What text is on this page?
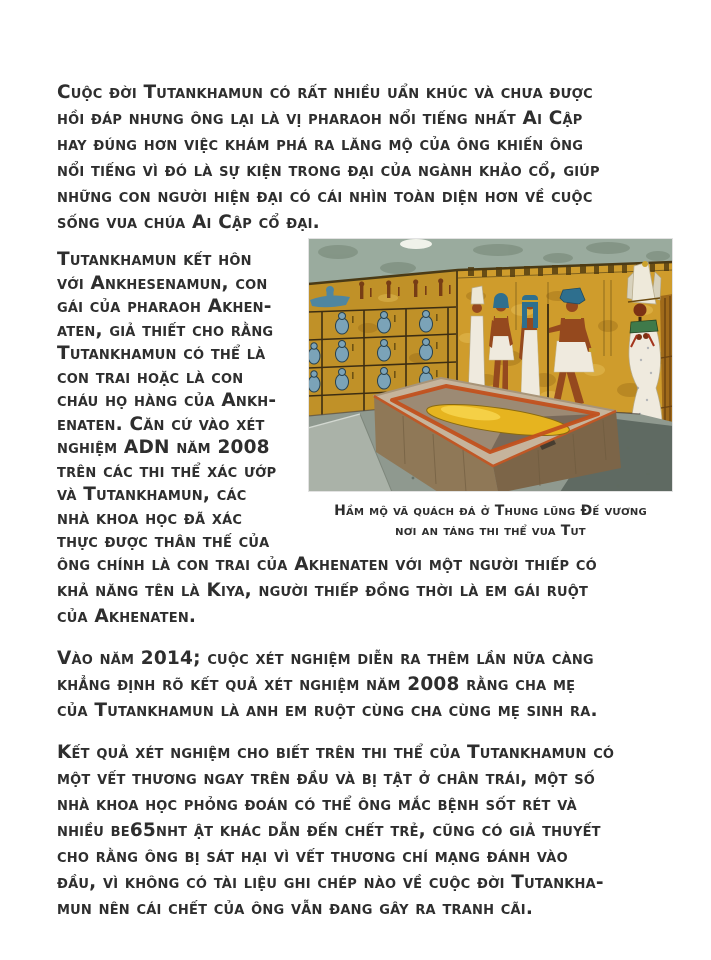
Cuộc đời Tutankhamun có rất nhiều uẩn khúc và chưa được
hồi đáp nhưng ông lại là vị pharaoh nổi tiếng nhất Ai Cập
hay đúng hơn việc khám phá ra lăng mộ của ông khiến ông
nổi tiếng vì đó là sự kiện trong đại của ngành khảo cổ, giúp
những con người hiện đại có cái nhìn toàn diện hơn về cuộc
sống vua chúa Ai Cập cổ đại.
Tutankhamun kết hôn
với Ankhesenamun, con
gái của pharaoh Akhen-
aten, giả thiết cho rằng
Tutankhamun có thể là
con trai hoặc là con
cháu họ hàng của Ankh-
enaten. Căn cứ vào xét
nghiệm ADN năm 2008
trên các thi thể xác ướp
và Tutankhamun, các
nhà khoa học đã xác
thực được thân thế của
Hầm mộ vã quách đá ở Thung lũng Đế vương
nơi an táng thi thể vua Tut
ông chính là con trai của Akhenaten với một người thiếp có
khả năng tên là Kiya, người thiếp đồng thời là em gái ruột
của Akhenaten.
Vào năm 2014; cuộc xét nghiệm diễn ra thêm lần nữa càng
khẳng định rõ kết quả xét nghiệm năm 2008 rằng cha mẹ
của Tutankhamun là anh em ruột cùng cha cùng mẹ sinh ra.
Kết quả xét nghiệm cho biết trên thi thể của Tutankhamun có
một vết thương ngay trên đầu và bị tật ở chân trái, một số
nhà khoa học phỏng đoán có thể ông mắc bệnh sốt rét và
nhiều be65nht ật khác dẫn đến chết trẻ, cũng có giả thuyết
cho rằng ông bị sát hại vì vết thương chí mạng đánh vào
đầu, vì không có tài liệu ghi chép nào về cuộc đời Tutankha-
mun nên cái chết của ông vẫn đang gây ra tranh cãi.
